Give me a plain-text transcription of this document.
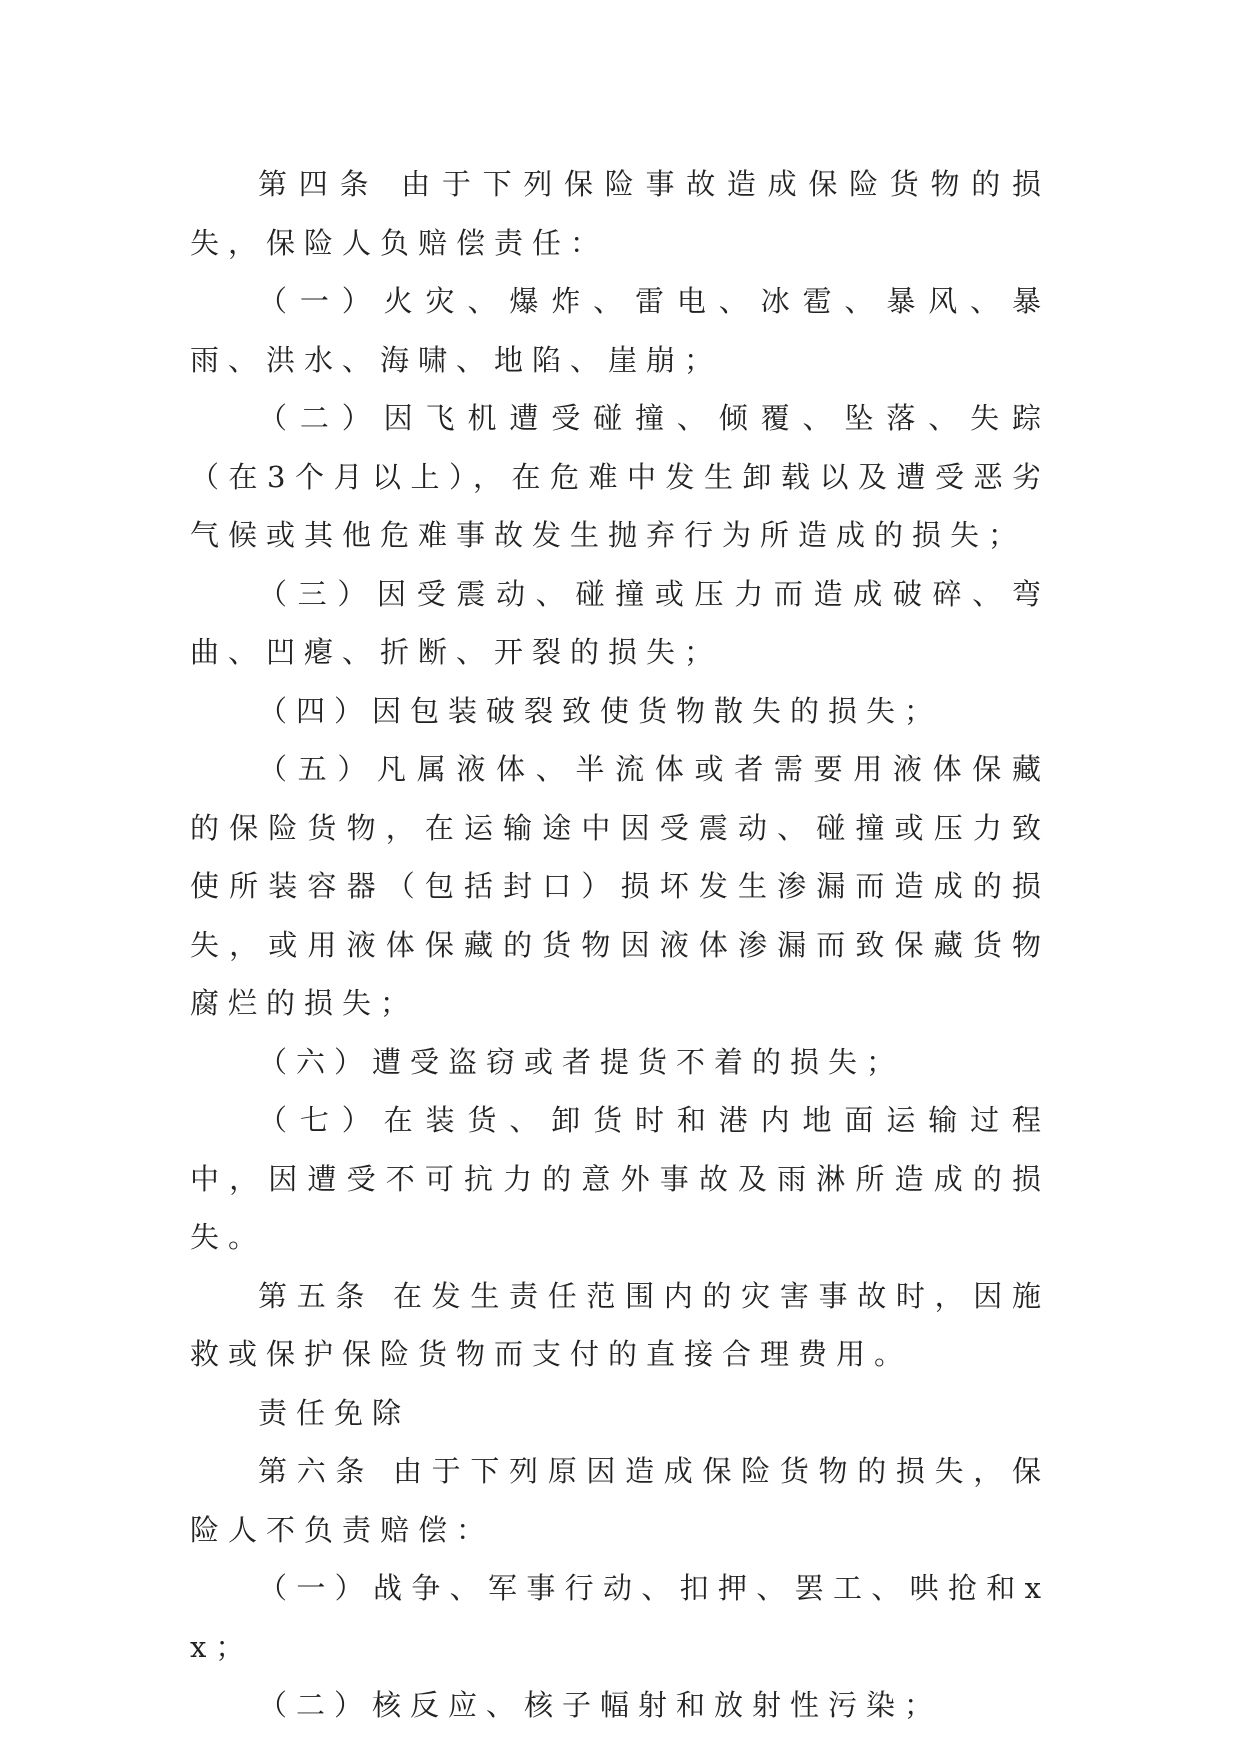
第四条 由于下列保险事故造成保险货物的损失，保险人负赔偿责任：

（一）火灾、爆炸、雷电、冰雹、暴风、暴雨、洪水、海啸、地陷、崖崩；

（二）因飞机遭受碰撞、倾覆、坠落、失踪（在3个月以上），在危难中发生卸载以及遭受恶劣气候或其他危难事故发生抛弃行为所造成的损失；

（三）因受震动、碰撞或压力而造成破碎、弯曲、凹瘪、折断、开裂的损失；

（四）因包装破裂致使货物散失的损失；

（五）凡属液体、半流体或者需要用液体保藏的保险货物，在运输途中因受震动、碰撞或压力致使所装容器（包括封口）损坏发生渗漏而造成的损失，或用液体保藏的货物因液体渗漏而致保藏货物腐烂的损失；

（六）遭受盗窃或者提货不着的损失；

（七）在装货、卸货时和港内地面运输过程中，因遭受不可抗力的意外事故及雨淋所造成的损失。

第五条 在发生责任范围内的灾害事故时，因施救或保护保险货物而支付的直接合理费用。

责任免除

第六条 由于下列原因造成保险货物的损失，保险人不负责赔偿：

（一）战争、军事行动、扣押、罢工、哄抢和xx；

（二）核反应、核子幅射和放射性污染；
